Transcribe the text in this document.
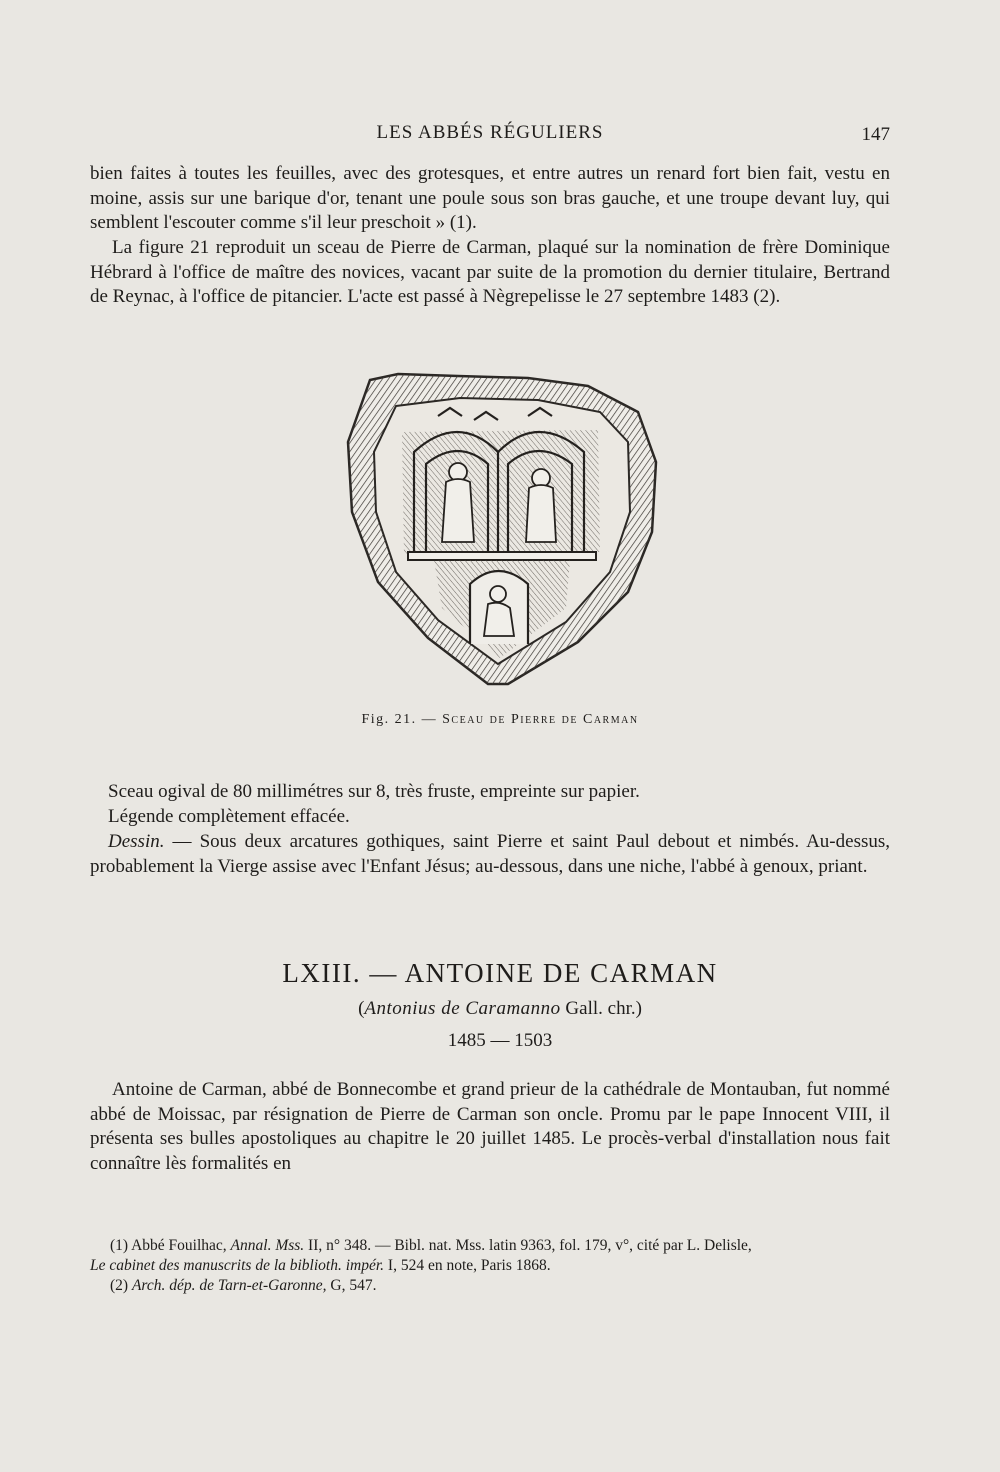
LES ABBÉS RÉGULIERS	147

bien faites à toutes les feuilles, avec des grotesques, et entre autres un renard fort bien fait, vestu en moine, assis sur une barique d'or, tenant une poule sous son bras gauche, et une troupe devant luy, qui semblent l'escouter comme s'il leur preschoit » (1).

La figure 21 reproduit un sceau de Pierre de Carman, plaqué sur la nomination de frère Dominique Hébrard à l'office de maître des novices, vacant par suite de la promotion du dernier titulaire, Bertrand de Reynac, à l'office de pitancier. L'acte est passé à Nègrepelisse le 27 septembre 1483 (2).

Fig. 21. — Sceau de Pierre de Carman

Sceau ogival de 80 millimétres sur 8, très fruste, empreinte sur papier.

Légende complètement effacée.

Dessin. — Sous deux arcatures gothiques, saint Pierre et saint Paul debout et nimbés. Au-dessus, probablement la Vierge assise avec l'Enfant Jésus; au-dessous, dans une niche, l'abbé à genoux, priant.

LXIII. — ANTOINE DE CARMAN
(Antonius de Caramanno Gall. chr.)
1485 — 1503

Antoine de Carman, abbé de Bonnecombe et grand prieur de la cathédrale de Montauban, fut nommé abbé de Moissac, par résignation de Pierre de Carman son oncle. Promu par le pape Innocent VIII, il présenta ses bulles apostoliques au chapitre le 20 juillet 1485. Le procès-verbal d'installation nous fait connaître lès formalités en

(1) Abbé Fouilhac, Annal. Mss. II, n° 348. — Bibl. nat. Mss. latin 9363, fol. 179, v°, cité par L. Delisle,
Le cabinet des manuscrits de la biblioth. impér. I, 524 en note, Paris 1868.

(2) Arch. dép. de Tarn-et-Garonne, G, 547.
